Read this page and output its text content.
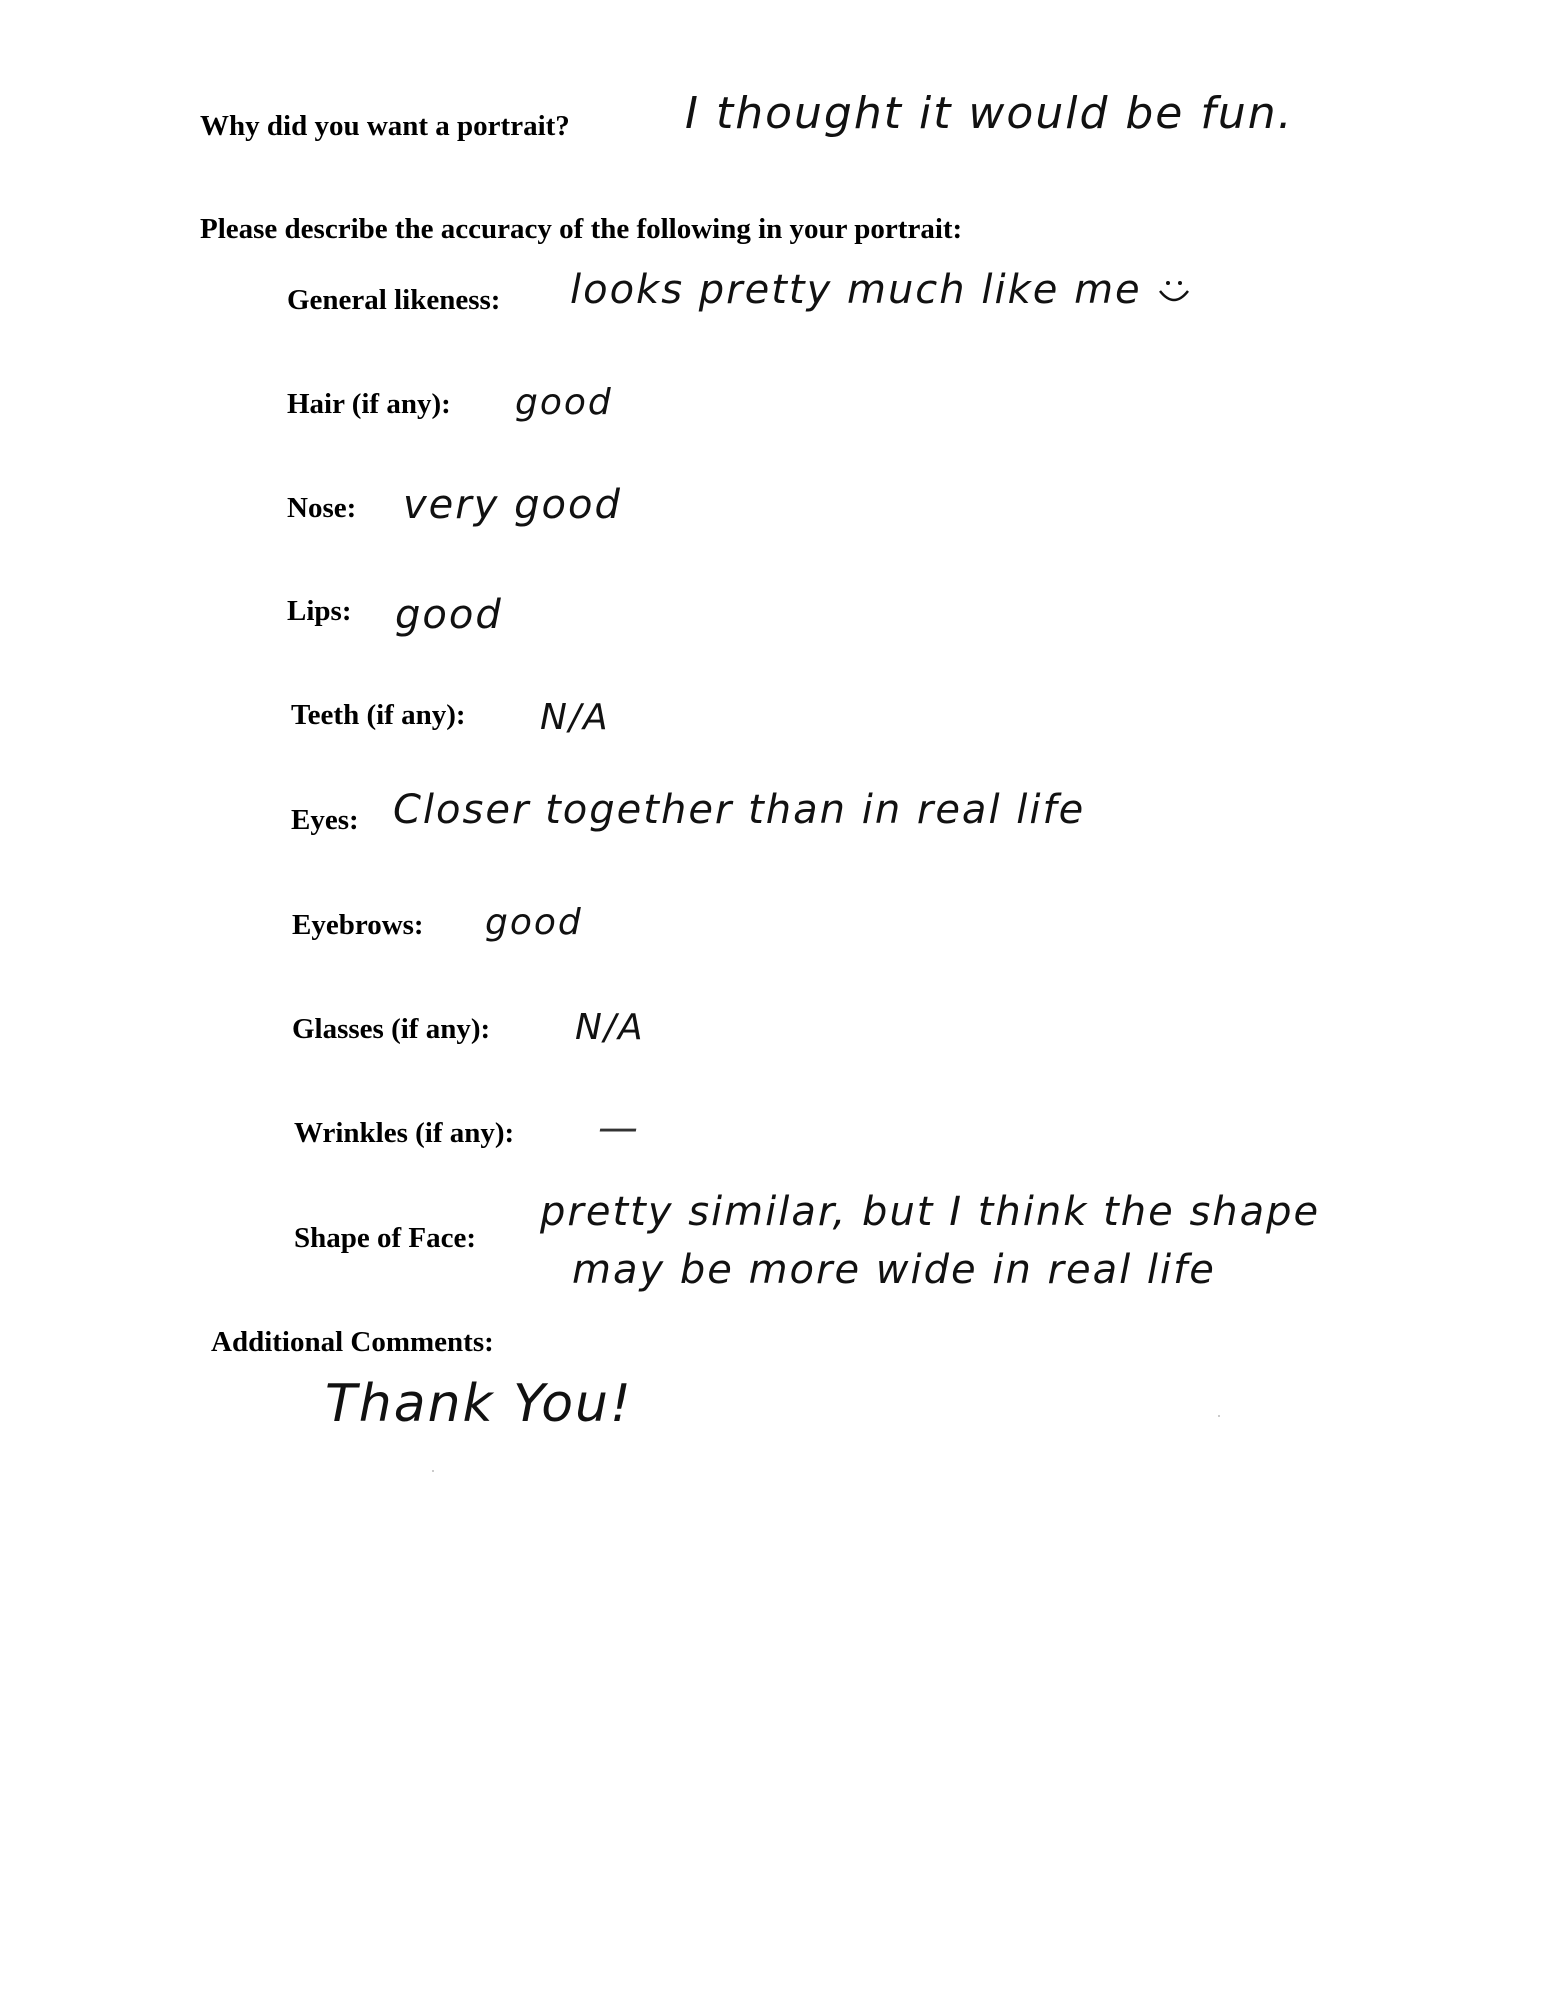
Why did you want a portrait?	I thought it would be fun.
Please describe the accuracy of the following in your portrait:
General likeness: looks pretty much like me
Hair (if any): good
Nose: very good
Lips: good
Teeth (if any): N/A
Eyes: Closer together than in real life
Eyebrows: good
Glasses (if any): N/A
Wrinkles (if any): —
Shape of Face:
pretty similar, but I think the shape
may be more wide in real life
Additional Comments:
Thank You!
